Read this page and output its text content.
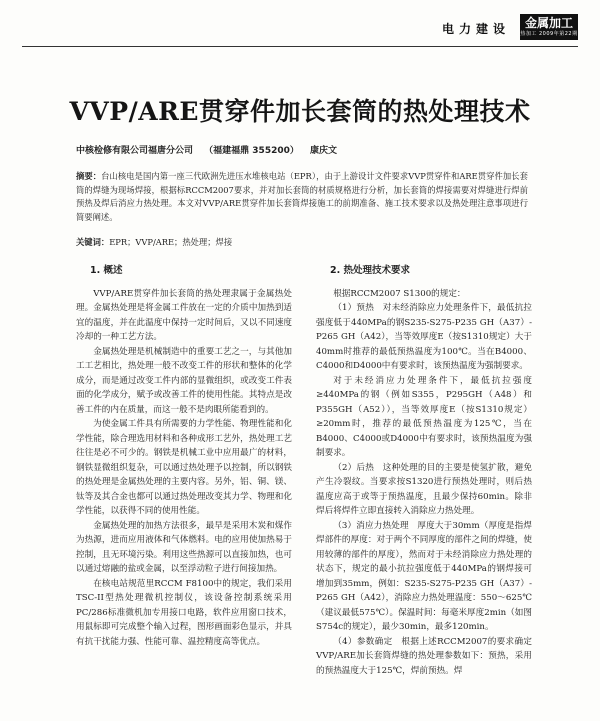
电力建设	金属加工
热加工 2009年第22期
VVP/ARE贯穿件加长套筒的热处理技术
中核检修有限公司福唐分公司 （福建福鼎 355200） 康庆文
摘要：台山核电是国内第一座三代欧洲先进压水堆核电站（EPR），由于上游设计文件要求VVP贯穿件和ARE贯穿件加长套筒的焊缝为现场焊接，根据标RCCM2007要求，并对加长套筒的材质规格进行分析，加长套筒的焊接需要对焊缝进行焊前预热及焊后消应力热处理。本文对VVP/ARE贯穿件加长套筒焊接施工的前期准备、施工技术要求以及热处理注意事项进行简要阐述。
关键词：EPR；VVP/ARE；热处理；焊接
1. 概述

VVP/ARE贯穿件加长套筒的热处理隶属于金属热处理。金属热处理是将金属工件放在一定的介质中加热到适宜的温度，并在此温度中保持一定时间后，又以不同速度冷却的一种工艺方法。

金属热处理是机械制造中的重要工艺之一，与其他加工工艺相比，热处理一般不改变工件的形状和整体的化学成分，而是通过改变工件内部的显微组织，或改变工件表面的化学成分，赋予或改善工件的使用性能。其特点是改善工件的内在质量，而这一般不是肉眼所能看到的。

为使金属工件具有所需要的力学性能、物理性能和化学性能，除合理选用材料和各种成形工艺外，热处理工艺往往是必不可少的。钢铁是机械工业中应用最广的材料，钢铁显微组织复杂，可以通过热处理予以控制，所以钢铁的热处理是金属热处理的主要内容。另外，铝、铜、镁、钛等及其合金也都可以通过热处理改变其力学、物理和化学性能，以获得不同的使用性能。

金属热处理的加热方法很多，最早是采用木炭和煤作为热源，进而应用液体和气体燃料。电的应用使加热易于控制，且无环境污染。利用这些热源可以直接加热，也可以通过熔融的盐或金属，以至浮动粒子进行间接加热。

在核电站规范里RCCM F8100中的规定，我们采用TSC-II型热处理微机控制仪，该设备控制系统采用PC/286标准微机加专用接口电路，软件应用窗口技术，用鼠标即可完成整个输入过程，图形画面彩色显示，并具有抗干扰能力强、性能可靠、温控精度高等优点。

2. 热处理技术要求

根据RCCM2007 S1300的规定：

（1）预热　对未经消除应力处理条件下，最低抗拉强度低于440MPa的钢S235-S275-P235 GH（A37）-P265 GH（A42），当等效厚度E（按S1310规定）大于40mm时推荐的最低预热温度为100℃。当在B4000、C4000和D4000中有要求时，该预热温度为强制要求。

对于未经消应力处理条件下，最低抗拉强度≥440MPa的钢（例如S355，P295GH（A48）和P355GH（A52）），当等效厚度E（按S1310规定）≥20mm时，推荐的最低预热温度为125℃，当在B4000、C4000或D4000中有要求时，该预热温度为强制要求。

（2）后热　这种处理的目的主要是使氢扩散，避免产生冷裂纹。当要求按S1320进行预热处理时，则后热温度应高于或等于预热温度，且最少保持60min。除非焊后将焊件立即直接转入消除应力热处理。

（3）消应力热处理　厚度大于30mm（厚度是指焊焊部件的厚度：对于两个不同厚度的部件之间的焊缝，使用较薄的部件的厚度），然而对于未经消除应力热处理的状态下，规定的最小抗拉强度低于440MPa的钢焊接可增加到35mm，例如：S235-S275-P235 GH（A37）-P265 GH（A42），消除应力热处理温度：550～625℃（建议最低575℃）。保温时间：每毫米厚度2min（如图S754c的规定），最少30min，最多120min。

（4）参数确定　根据上述RCCM2007的要求确定VVP/ARE加长套筒焊缝的热处理参数如下：预热，采用的预热温度大于125℃，焊前预热。焊
